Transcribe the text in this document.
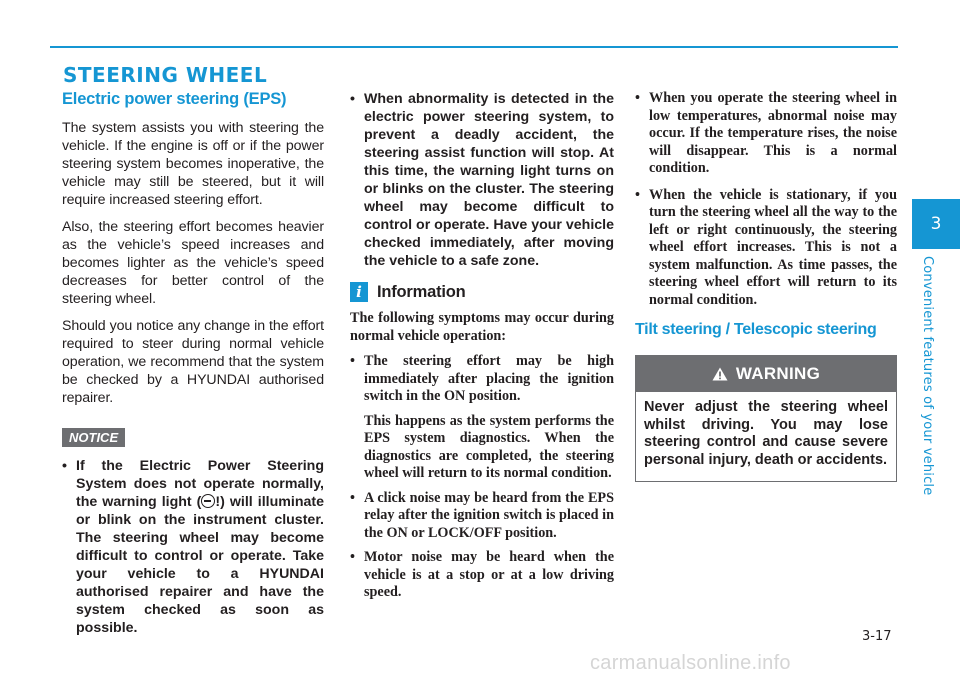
STEERING WHEEL
3
Convenient features of your vehicle
Electric power steering (EPS)

The system assists you with steering the vehicle. If the engine is off or if the power steering system becomes inoperative, the vehicle may still be steered, but it will require increased steering effort.

Also, the steering effort becomes heavier as the vehicle’s speed increases and becomes lighter as the vehicle’s speed decreases for better control of the steering wheel.

Should you notice any change in the effort required to steer during normal vehicle operation, we recommend that the system be checked by a HYUNDAI authorised repairer.

NOTICE
• If the Electric Power Steering System does not operate normally, the warning light ( !) will illuminate or blink on the instrument cluster. The steering wheel may become difficult to control or operate. Take your vehicle to a HYUNDAI authorised repairer and have the system checked as soon as possible.
• When abnormality is detected in the electric power steering system, to prevent a deadly accident, the steering assist function will stop. At this time, the warning light turns on or blinks on the cluster. The steering wheel may become difficult to control or operate. Have your vehicle checked immediately, after moving the vehicle to a safe zone.
i Information

The following symptoms may occur during normal vehicle operation:

• The steering effort may be high immediately after placing the ignition switch in the ON position.
This happens as the system performs the EPS system diagnostics. When the diagnostics are completed, the steering wheel will return to its normal condition.
• A click noise may be heard from the EPS relay after the ignition switch is placed in the ON or LOCK/OFF position.
• Motor noise may be heard when the vehicle is at a stop or at a low driving speed.
• When you operate the steering wheel in low temperatures, abnormal noise may occur. If the temperature rises, the noise will disappear. This is a normal condition.
• When the vehicle is stationary, if you turn the steering wheel all the way to the left or right continuously, the steering wheel effort increases. This is not a system malfunction. As time passes, the steering wheel effort will return to its normal condition.
Tilt steering / Telescopic steering
WARNING
Never adjust the steering wheel whilst driving. You may lose steering control and cause severe personal injury, death or accidents.
3-17
carmanualsonline.info
